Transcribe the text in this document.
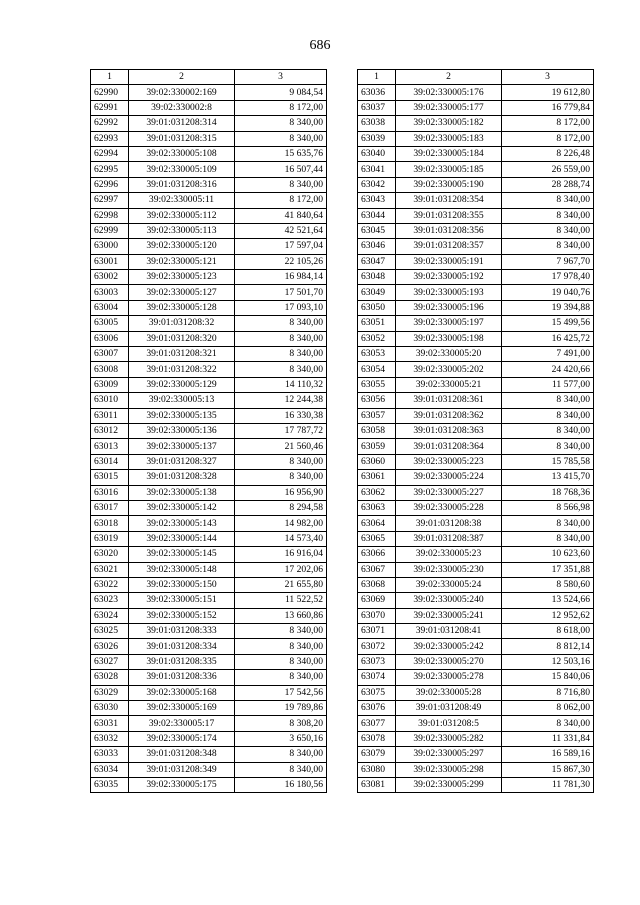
686
1	2	3
62990	39:02:330002:169	9 084,54
62991	39:02:330002:8	8 172,00
62992	39:01:031208:314	8 340,00
62993	39:01:031208:315	8 340,00
62994	39:02:330005:108	15 635,76
62995	39:02:330005:109	16 507,44
62996	39:01:031208:316	8 340,00
62997	39:02:330005:11	8 172,00
62998	39:02:330005:112	41 840,64
62999	39:02:330005:113	42 521,64
63000	39:02:330005:120	17 597,04
63001	39:02:330005:121	22 105,26
63002	39:02:330005:123	16 984,14
63003	39:02:330005:127	17 501,70
63004	39:02:330005:128	17 093,10
63005	39:01:031208:32	8 340,00
63006	39:01:031208:320	8 340,00
63007	39:01:031208:321	8 340,00
63008	39:01:031208:322	8 340,00
63009	39:02:330005:129	14 110,32
63010	39:02:330005:13	12 244,38
63011	39:02:330005:135	16 330,38
63012	39:02:330005:136	17 787,72
63013	39:02:330005:137	21 560,46
63014	39:01:031208:327	8 340,00
63015	39:01:031208:328	8 340,00
63016	39:02:330005:138	16 956,90
63017	39:02:330005:142	8 294,58
63018	39:02:330005:143	14 982,00
63019	39:02:330005:144	14 573,40
63020	39:02:330005:145	16 916,04
63021	39:02:330005:148	17 202,06
63022	39:02:330005:150	21 655,80
63023	39:02:330005:151	11 522,52
63024	39:02:330005:152	13 660,86
63025	39:01:031208:333	8 340,00
63026	39:01:031208:334	8 340,00
63027	39:01:031208:335	8 340,00
63028	39:01:031208:336	8 340,00
63029	39:02:330005:168	17 542,56
63030	39:02:330005:169	19 789,86
63031	39:02:330005:17	8 308,20
63032	39:02:330005:174	3 650,16
63033	39:01:031208:348	8 340,00
63034	39:01:031208:349	8 340,00
63035	39:02:330005:175	16 180,56
1	2	3
63036	39:02:330005:176	19 612,80
63037	39:02:330005:177	16 779,84
63038	39:02:330005:182	8 172,00
63039	39:02:330005:183	8 172,00
63040	39:02:330005:184	8 226,48
63041	39:02:330005:185	26 559,00
63042	39:02:330005:190	28 288,74
63043	39:01:031208:354	8 340,00
63044	39:01:031208:355	8 340,00
63045	39:01:031208:356	8 340,00
63046	39:01:031208:357	8 340,00
63047	39:02:330005:191	7 967,70
63048	39:02:330005:192	17 978,40
63049	39:02:330005:193	19 040,76
63050	39:02:330005:196	19 394,88
63051	39:02:330005:197	15 499,56
63052	39:02:330005:198	16 425,72
63053	39:02:330005:20	7 491,00
63054	39:02:330005:202	24 420,66
63055	39:02:330005:21	11 577,00
63056	39:01:031208:361	8 340,00
63057	39:01:031208:362	8 340,00
63058	39:01:031208:363	8 340,00
63059	39:01:031208:364	8 340,00
63060	39:02:330005:223	15 785,58
63061	39:02:330005:224	13 415,70
63062	39:02:330005:227	18 768,36
63063	39:02:330005:228	8 566,98
63064	39:01:031208:38	8 340,00
63065	39:01:031208:387	8 340,00
63066	39:02:330005:23	10 623,60
63067	39:02:330005:230	17 351,88
63068	39:02:330005:24	8 580,60
63069	39:02:330005:240	13 524,66
63070	39:02:330005:241	12 952,62
63071	39:01:031208:41	8 618,00
63072	39:02:330005:242	8 812,14
63073	39:02:330005:270	12 503,16
63074	39:02:330005:278	15 840,06
63075	39:02:330005:28	8 716,80
63076	39:01:031208:49	8 062,00
63077	39:01:031208:5	8 340,00
63078	39:02:330005:282	11 331,84
63079	39:02:330005:297	16 589,16
63080	39:02:330005:298	15 867,30
63081	39:02:330005:299	11 781,30
